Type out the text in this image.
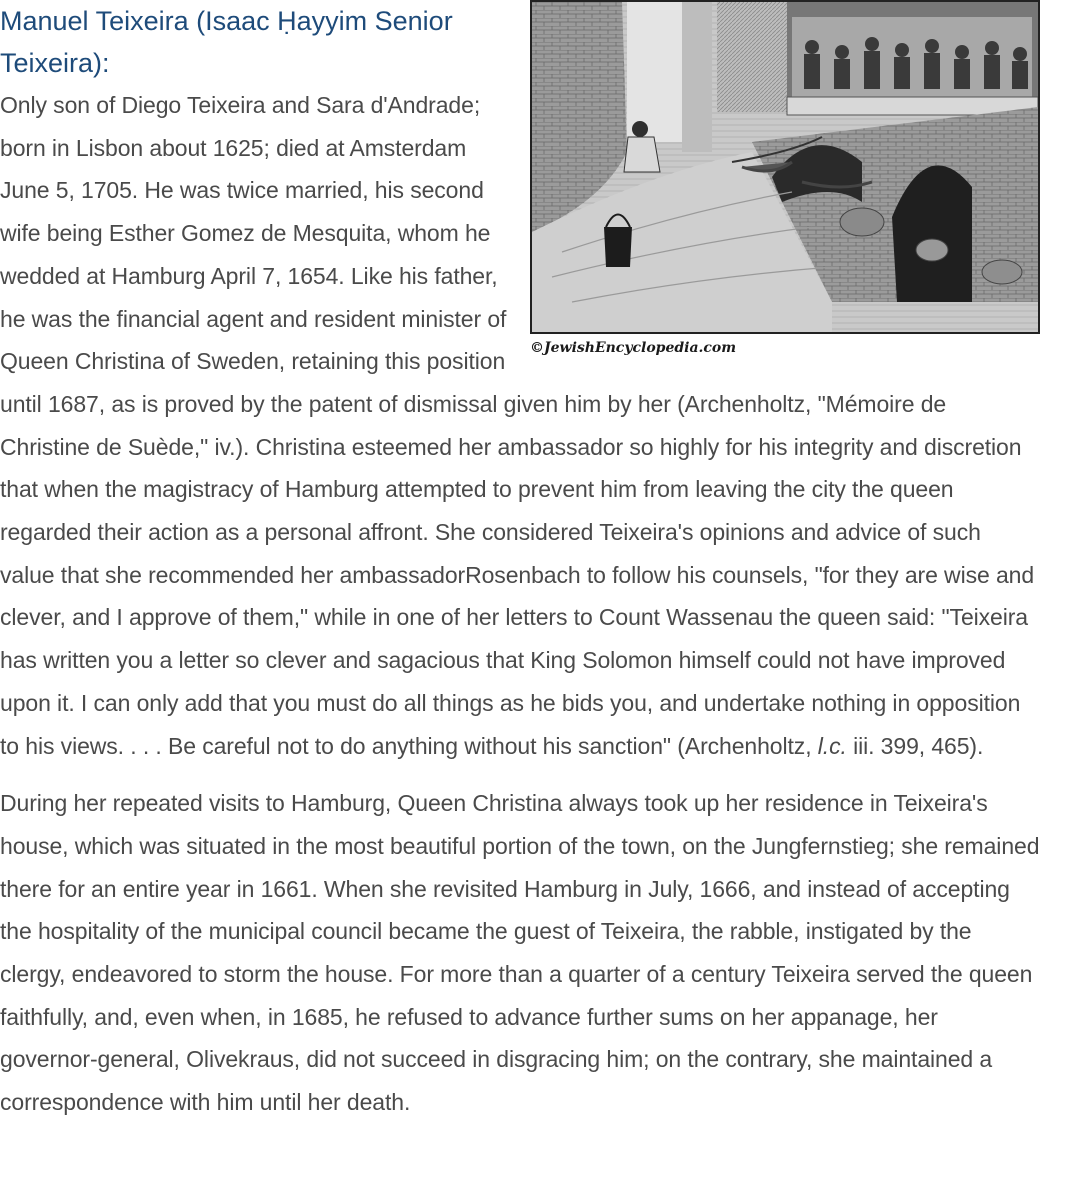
©JewishEncyclopedia.com
Manuel Teixeira (Isaac Ḥayyim Senior Teixeira):

Only son of Diego Teixeira and Sara d'Andrade; born in Lisbon about 1625; died at Amsterdam June 5, 1705. He was twice married, his second wife being Esther Gomez de Mesquita, whom he wedded at Hamburg April 7, 1654. Like his father, he was the financial agent and resident minister of Queen Christina of Sweden, retaining this position until 1687, as is proved by the patent of dismissal given him by her (Archenholtz, "Mémoire de Christine de Suède," iv.). Christina esteemed her ambassador so highly for his integrity and discretion that when the magistracy of Hamburg attempted to prevent him from leaving the city the queen regarded their action as a personal affront. She considered Teixeira's opinions and advice of such value that she recommended her ambassadorRosenbach to follow his counsels, "for they are wise and clever, and I approve of them," while in one of her letters to Count Wassenau the queen said: "Teixeira has written you a letter so clever and sagacious that King Solomon himself could not have improved upon it. I can only add that you must do all things as he bids you, and undertake nothing in opposition to his views. . . . Be careful not to do anything without his sanction" (Archenholtz, l.c. iii. 399, 465).

During her repeated visits to Hamburg, Queen Christina always took up her residence in Teixeira's house, which was situated in the most beautiful portion of the town, on the Jungfernstieg; she remained there for an entire year in 1661. When she revisited Hamburg in July, 1666, and instead of accepting the hospitality of the municipal council became the guest of Teixeira, the rabble, instigated by the clergy, endeavored to storm the house. For more than a quarter of a century Teixeira served the queen faithfully, and, even when, in 1685, he refused to advance further sums on her appanage, her governor-general, Olivekraus, did not succeed in disgracing him; on the contrary, she maintained a correspondence with him until her death.
